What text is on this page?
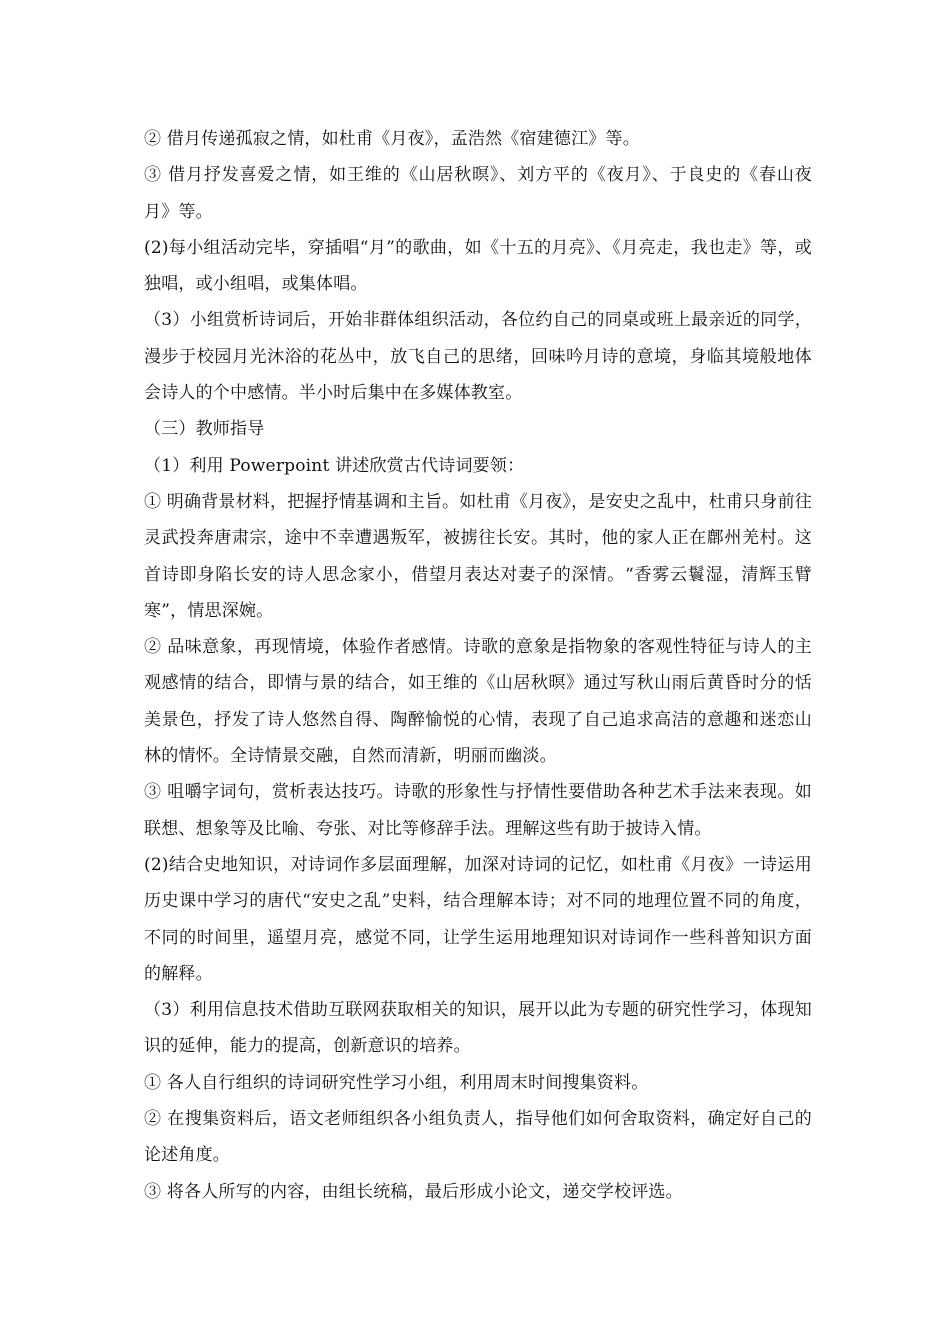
② 借月传递孤寂之情，如杜甫《月夜》，孟浩然《宿建德江》等。

③ 借月抒发喜爱之情，如王维的《山居秋暝》、刘方平的《夜月》、于良史的《春山夜月》等。

(2)每小组活动完毕，穿插唱“月”的歌曲，如《十五的月亮》、《月亮走，我也走》等，或独唱，或小组唱，或集体唱。

（3）小组赏析诗词后，开始非群体组织活动，各位约自己的同桌或班上最亲近的同学，漫步于校园月光沐浴的花丛中，放飞自己的思绪，回味吟月诗的意境，身临其境般地体会诗人的个中感情。半小时后集中在多媒体教室。

（三）教师指导

（1）利用 Powerpoint 讲述欣赏古代诗词要领：

① 明确背景材料，把握抒情基调和主旨。如杜甫《月夜》，是安史之乱中，杜甫只身前往灵武投奔唐肃宗，途中不幸遭遇叛军，被掳往长安。其时，他的家人正在鄜州羌村。这首诗即身陷长安的诗人思念家小，借望月表达对妻子的深情。“香雾云鬟湿，清辉玉臂寒”，情思深婉。

② 品味意象，再现情境，体验作者感情。诗歌的意象是指物象的客观性特征与诗人的主观感情的结合，即情与景的结合，如王维的《山居秋暝》通过写秋山雨后黄昏时分的恬美景色，抒发了诗人悠然自得、陶醉愉悦的心情，表现了自己追求高洁的意趣和迷恋山林的情怀。全诗情景交融，自然而清新，明丽而幽淡。

③ 咀嚼字词句，赏析表达技巧。诗歌的形象性与抒情性要借助各种艺术手法来表现。如联想、想象等及比喻、夸张、对比等修辞手法。理解这些有助于披诗入情。

(2)结合史地知识，对诗词作多层面理解，加深对诗词的记忆，如杜甫《月夜》一诗运用历史课中学习的唐代“安史之乱”史料，结合理解本诗；对不同的地理位置不同的角度，不同的时间里，遥望月亮，感觉不同，让学生运用地理知识对诗词作一些科普知识方面的解释。

（3）利用信息技术借助互联网获取相关的知识，展开以此为专题的研究性学习，体现知识的延伸，能力的提高，创新意识的培养。

① 各人自行组织的诗词研究性学习小组，利用周末时间搜集资料。

② 在搜集资料后，语文老师组织各小组负责人，指导他们如何舍取资料，确定好自己的论述角度。

③ 将各人所写的内容，由组长统稿，最后形成小论文，递交学校评选。
